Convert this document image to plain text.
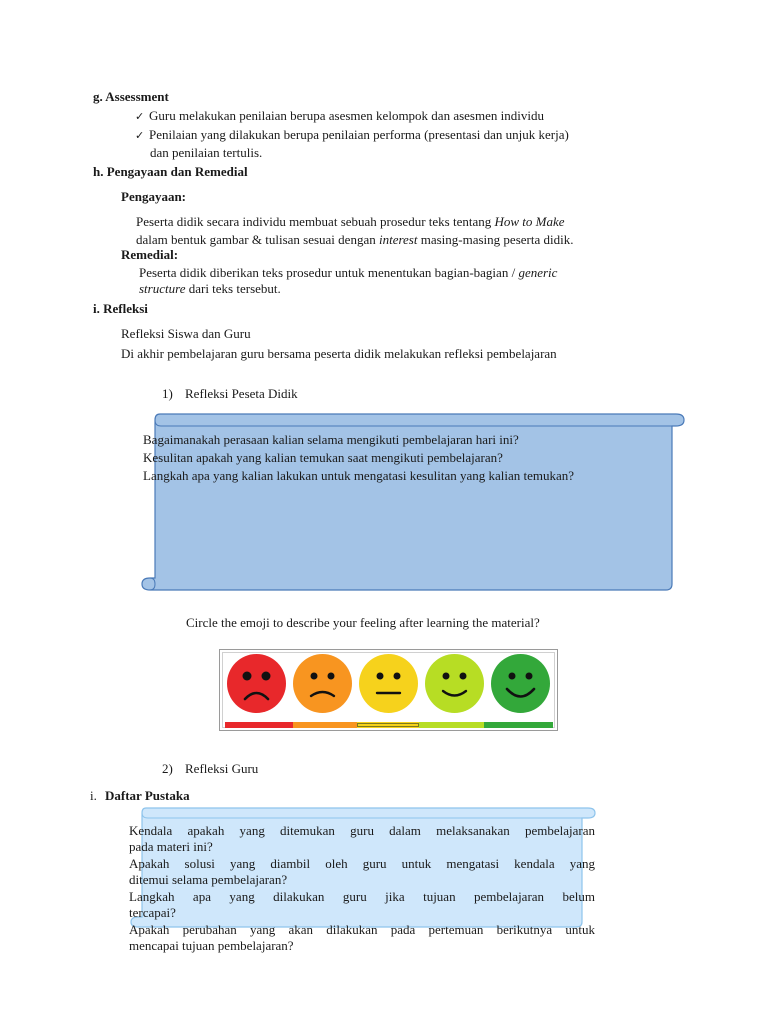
g. Assessment
✓ Guru melakukan penilaian berupa asesmen kelompok dan asesmen individu
✓ Penilaian yang dilakukan berupa penilaian performa (presentasi dan unjuk kerja)
dan penilaian tertulis.
h. Pengayaan dan Remedial
Pengayaan:
Peserta didik secara individu membuat sebuah prosedur teks tentang How to Make
dalam bentuk gambar & tulisan sesuai dengan interest masing-masing peserta didik.
Remedial:
Peserta didik diberikan teks prosedur untuk menentukan bagian-bagian / generic
structure dari teks tersebut.
i. Refleksi
Refleksi Siswa dan Guru
Di akhir pembelajaran guru bersama peserta didik melakukan refleksi pembelajaran
1) Refleksi Peseta Didik
Bagaimanakah perasaan kalian selama mengikuti pembelajaran hari ini?
Kesulitan apakah yang kalian temukan saat mengikuti pembelajaran?
Langkah apa yang kalian lakukan untuk mengatasi kesulitan yang kalian temukan?
Circle the emoji to describe your feeling after learning the material?
2) Refleksi Guru
i. Daftar Pustaka
Kendala apakah yang ditemukan guru dalam melaksanakan pembelajaran
pada materi ini?
Apakah solusi yang diambil oleh guru untuk mengatasi kendala yang
ditemui selama pembelajaran?
Langkah apa yang dilakukan guru jika tujuan pembelajaran belum
tercapai?
Apakah perubahan yang akan dilakukan pada pertemuan berikutnya untuk
mencapai tujuan pembelajaran?
